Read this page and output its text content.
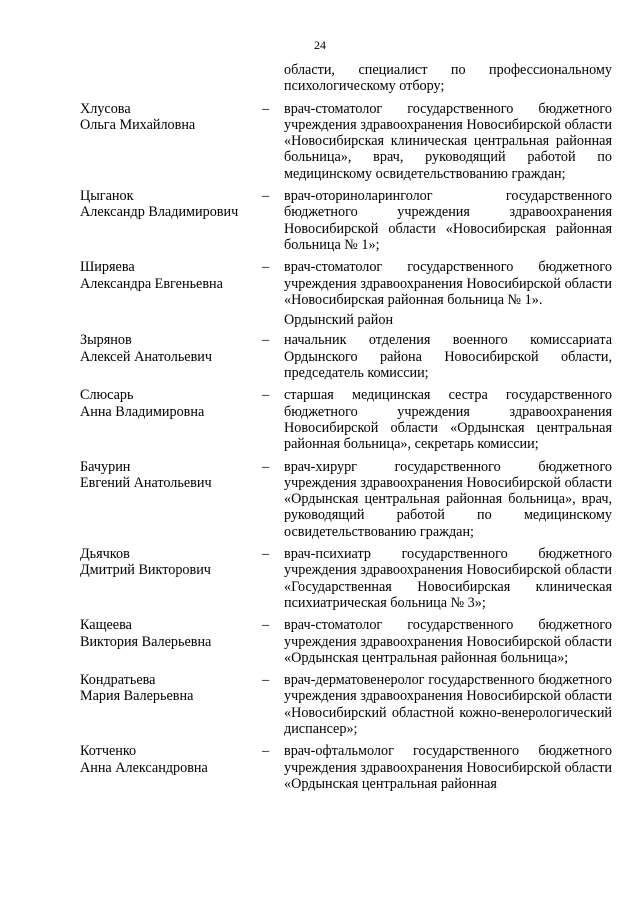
24

области, специалист по профессиональному психологическому отбору;
Хлусова
Ольга Михайловна
–	врач-стоматолог государственного бюджетного учреждения здравоохранения Новосибирской области «Новосибирская клиническая центральная районная больница», врач, руководящий работой по медицинскому освидетельствованию граждан;
Цыганок
Александр Владимирович
–	врач-оториноларинголог государственного бюджетного учреждения здравоохранения Новосибирской области «Новосибирская районная больница № 1»;
Ширяева
Александра Евгеньевна
–	врач-стоматолог государственного бюджетного учреждения здравоохранения Новосибирской области «Новосибирская районная больница № 1».
Ордынский район
Зырянов
Алексей Анатольевич
–	начальник отделения военного комиссариата Ордынского района Новосибирской области, председатель комиссии;
Слюсарь
Анна Владимировна
–	старшая медицинская сестра государственного бюджетного учреждения здравоохранения Новосибирской области «Ордынская центральная районная больница», секретарь комиссии;
Бачурин
Евгений Анатольевич
–	врач-хирург государственного бюджетного учреждения здравоохранения Новосибирской области «Ордынская центральная районная больница», врач, руководящий работой по медицинскому освидетельствованию граждан;
Дьячков
Дмитрий Викторович
–	врач-психиатр государственного бюджетного учреждения здравоохранения Новосибирской области «Государственная Новосибирская клиническая психиатрическая больница № 3»;
Кащеева
Виктория Валерьевна
–	врач-стоматолог государственного бюджетного учреждения здравоохранения Новосибирской области «Ордынская центральная районная больница»;
Кондратьева
Мария Валерьевна
–	врач-дерматовенеролог государственного бюджетного учреждения здравоохранения Новосибирской области «Новосибирский областной кожно-венерологический диспансер»;
Котченко
Анна Александровна
–	врач-офтальмолог государственного бюджетного учреждения здравоохранения Новосибирской области «Ордынская центральная районная
